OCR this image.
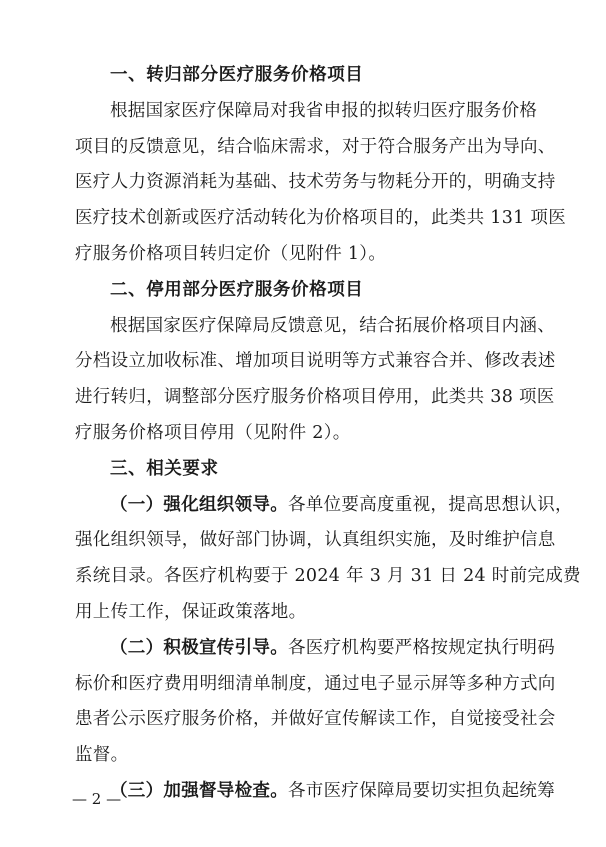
一、转归部分医疗服务价格项目
根据国家医疗保障局对我省申报的拟转归医疗服务价格
项目的反馈意见，结合临床需求，对于符合服务产出为导向、
医疗人力资源消耗为基础、技术劳务与物耗分开的，明确支持
医疗技术创新或医疗活动转化为价格项目的，此类共 131 项医
疗服务价格项目转归定价（见附件 1）。
二、停用部分医疗服务价格项目
根据国家医疗保障局反馈意见，结合拓展价格项目内涵、
分档设立加收标准、增加项目说明等方式兼容合并、修改表述
进行转归，调整部分医疗服务价格项目停用，此类共 38 项医
疗服务价格项目停用（见附件 2）。
三、相关要求
（一）强化组织领导。各单位要高度重视，提高思想认识，
强化组织领导，做好部门协调，认真组织实施，及时维护信息
系统目录。各医疗机构要于 2024 年 3 月 31 日 24 时前完成费
用上传工作，保证政策落地。
（二）积极宣传引导。各医疗机构要严格按规定执行明码
标价和医疗费用明细清单制度，通过电子显示屏等多种方式向
患者公示医疗服务价格，并做好宣传解读工作，自觉接受社会
监督。
（三）加强督导检查。各市医疗保障局要切实担负起统筹
— 2 —
